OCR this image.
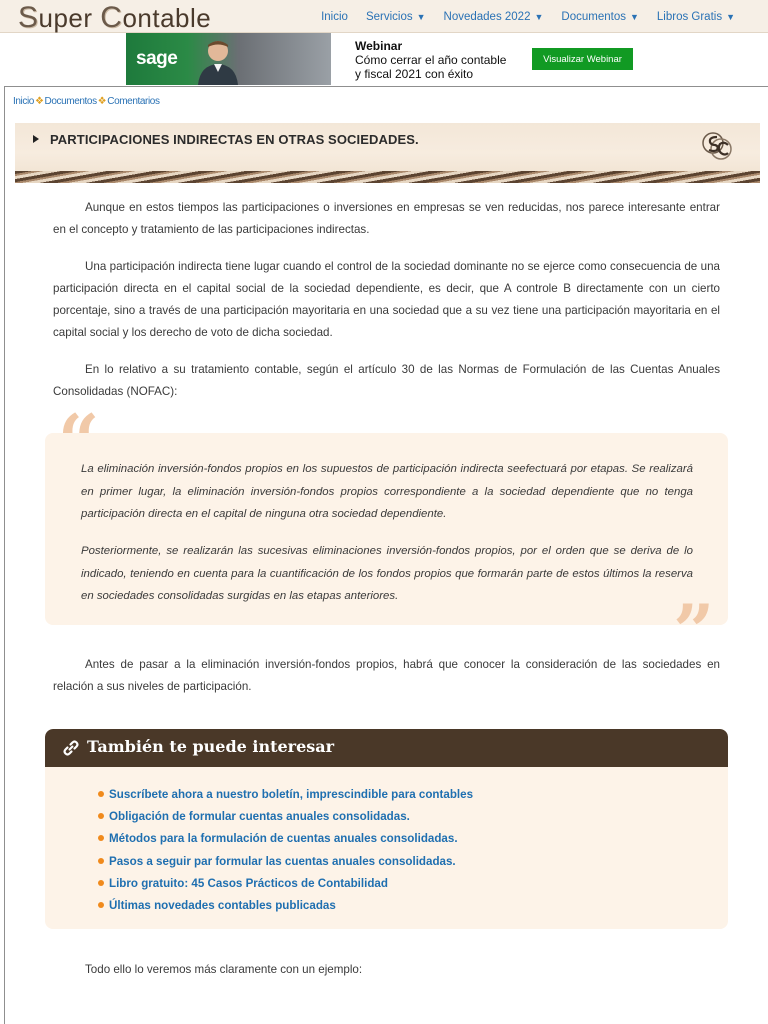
Super Contable	Inicio Servicios ▼ Novedades 2022 ▼ Documentos ▼ Libros Gratis ▼
sage
Webinar
Cómo cerrar el año contable
y fiscal 2021 con éxito
Visualizar Webinar
Inicio❖Documentos❖Comentarios
PARTICIPACIONES INDIRECTAS EN OTRAS SOCIEDADES.

Aunque en estos tiempos las participaciones o inversiones en empresas se ven reducidas, nos parece interesante entrar en el concepto y tratamiento de las participaciones indirectas.

Una participación indirecta tiene lugar cuando el control de la sociedad dominante no se ejerce como consecuencia de una participación directa en el capital social de la sociedad dependiente, es decir, que A controle B directamente con un cierto porcentaje, sino a través de una participación mayoritaria en una sociedad que a su vez tiene una participación mayoritaria en el capital social y los derecho de voto de dicha sociedad.

En lo relativo a su tratamiento contable, según el artículo 30 de las Normas de Formulación de las Cuentas Anuales Consolidadas (NOFAC):

“

La eliminación inversión-fondos propios en los supuestos de participación indirecta seefectuará por etapas. Se realizará en primer lugar, la eliminación inversión-fondos propios correspondiente a la sociedad dependiente que no tenga participación directa en el capital de ninguna otra sociedad dependiente.

Posteriormente, se realizarán las sucesivas eliminaciones inversión-fondos propios, por el orden que se deriva de lo indicado, teniendo en cuenta para la cuantificación de los fondos propios que formarán parte de estos últimos la reserva en sociedades consolidadas surgidas en las etapas anteriores.	”

Antes de pasar a la eliminación inversión-fondos propios, habrá que conocer la consideración de las sociedades en relación a sus niveles de participación.

También te puede interesar
Suscríbete ahora a nuestro boletín, imprescindible para contables
Obligación de formular cuentas anuales consolidadas.
Métodos para la formulación de cuentas anuales consolidadas.
Pasos a seguir par formular las cuentas anuales consolidadas.
Libro gratuito: 45 Casos Prácticos de Contabilidad
Últimas novedades contables publicadas

Todo ello lo veremos más claramente con un ejemplo:
